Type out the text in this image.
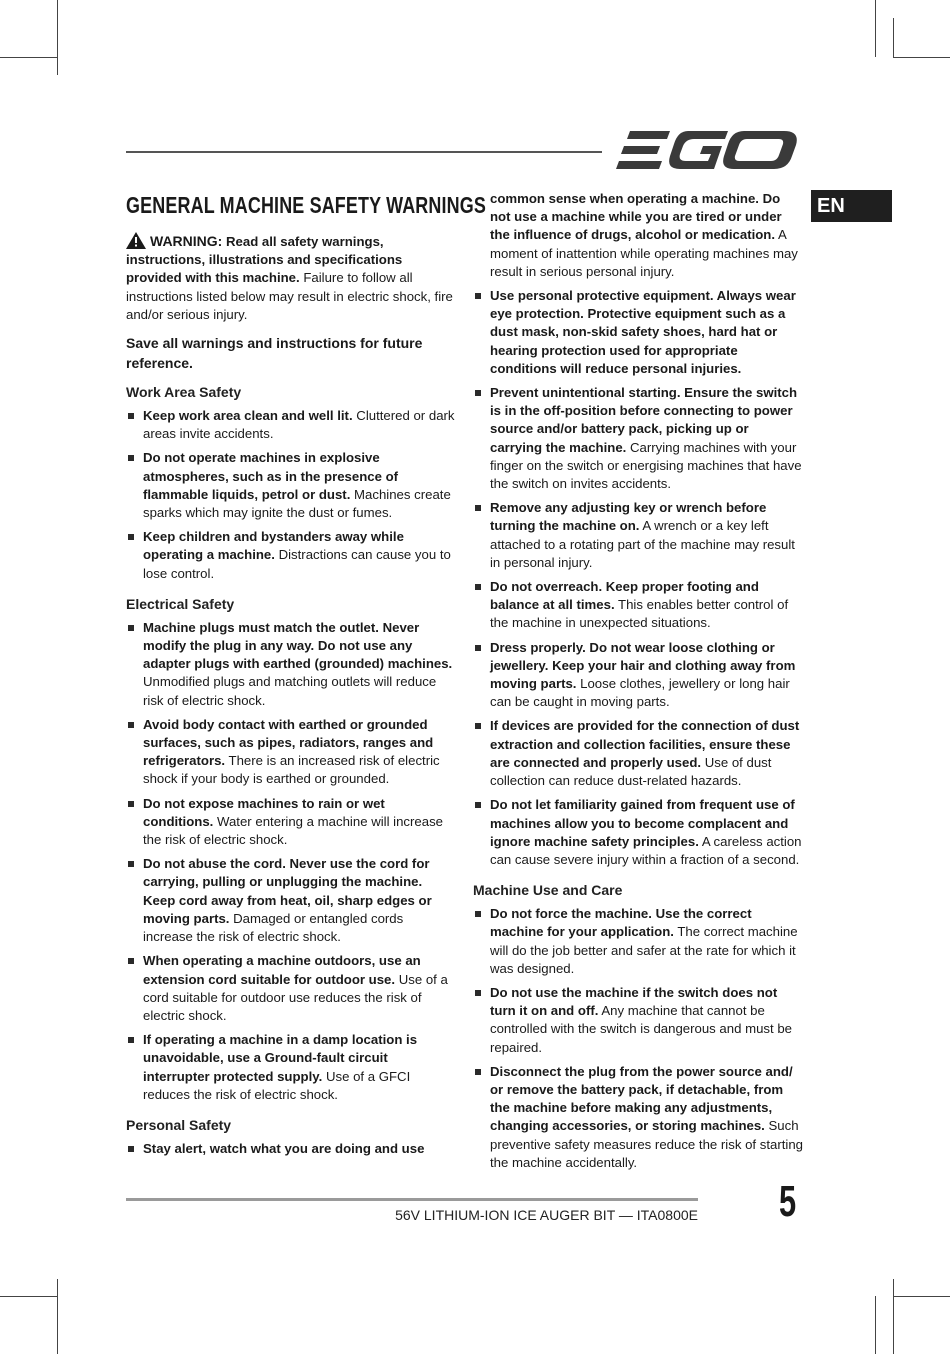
EN
GENERAL MACHINE SAFETY WARNINGS

WARNING: Read all safety warnings, instructions, illustrations and specifications provided with this machine. Failure to follow all instructions listed below may result in electric shock, fire and/or serious injury.

Save all warnings and instructions for future reference.

Work Area Safety
Keep work area clean and well lit. Cluttered or dark areas invite accidents.
Do not operate machines in explosive atmospheres, such as in the presence of flammable liquids, petrol or dust. Machines create sparks which may ignite the dust or fumes.
Keep children and bystanders away while operating a machine. Distractions can cause you to lose control.
Electrical Safety
Machine plugs must match the outlet. Never modify the plug in any way. Do not use any adapter plugs with earthed (grounded) machines. Unmodified plugs and matching outlets will reduce risk of electric shock.
Avoid body contact with earthed or grounded surfaces, such as pipes, radiators, ranges and refrigerators. There is an increased risk of electric shock if your body is earthed or grounded.
Do not expose machines to rain or wet conditions. Water entering a machine will increase the risk of electric shock.
Do not abuse the cord. Never use the cord for carrying, pulling or unplugging the machine. Keep cord away from heat, oil, sharp edges or moving parts. Damaged or entangled cords increase the risk of electric shock.
When operating a machine outdoors, use an extension cord suitable for outdoor use. Use of a cord suitable for outdoor use reduces the risk of electric shock.
If operating a machine in a damp location is unavoidable, use a Ground-fault circuit interrupter protected supply. Use of a GFCI reduces the risk of electric shock.
Personal Safety
Stay alert, watch what you are doing and use

common sense when operating a machine. Do not use a machine while you are tired or under the influence of drugs, alcohol or medication. A moment of inattention while operating machines may result in serious personal injury.

Use personal protective equipment. Always wear eye protection. Protective equipment such as a dust mask, non-skid safety shoes, hard hat or hearing protection used for appropriate conditions will reduce personal injuries.
Prevent unintentional starting. Ensure the switch is in the off-position before connecting to power source and/or battery pack, picking up or carrying the machine. Carrying machines with your finger on the switch or energising machines that have the switch on invites accidents.
Remove any adjusting key or wrench before turning the machine on. A wrench or a key left attached to a rotating part of the machine may result in personal injury.
Do not overreach. Keep proper footing and balance at all times. This enables better control of the machine in unexpected situations.
Dress properly. Do not wear loose clothing or jewellery. Keep your hair and clothing away from moving parts. Loose clothes, jewellery or long hair can be caught in moving parts.
If devices are provided for the connection of dust extraction and collection facilities, ensure these are connected and properly used. Use of dust collection can reduce dust-related hazards.
Do not let familiarity gained from frequent use of machines allow you to become complacent and ignore machine safety principles. A careless action can cause severe injury within a fraction of a second.
Machine Use and Care
Do not force the machine. Use the correct machine for your application. The correct machine will do the job better and safer at the rate for which it was designed.
Do not use the machine if the switch does not turn it on and off. Any machine that cannot be controlled with the switch is dangerous and must be repaired.
Disconnect the plug from the power source and/ or remove the battery pack, if detachable, from the machine before making any adjustments, changing accessories, or storing machines. Such preventive safety measures reduce the risk of starting the machine accidentally.
56V LITHIUM-ION ICE AUGER BIT — ITA0800E 5
